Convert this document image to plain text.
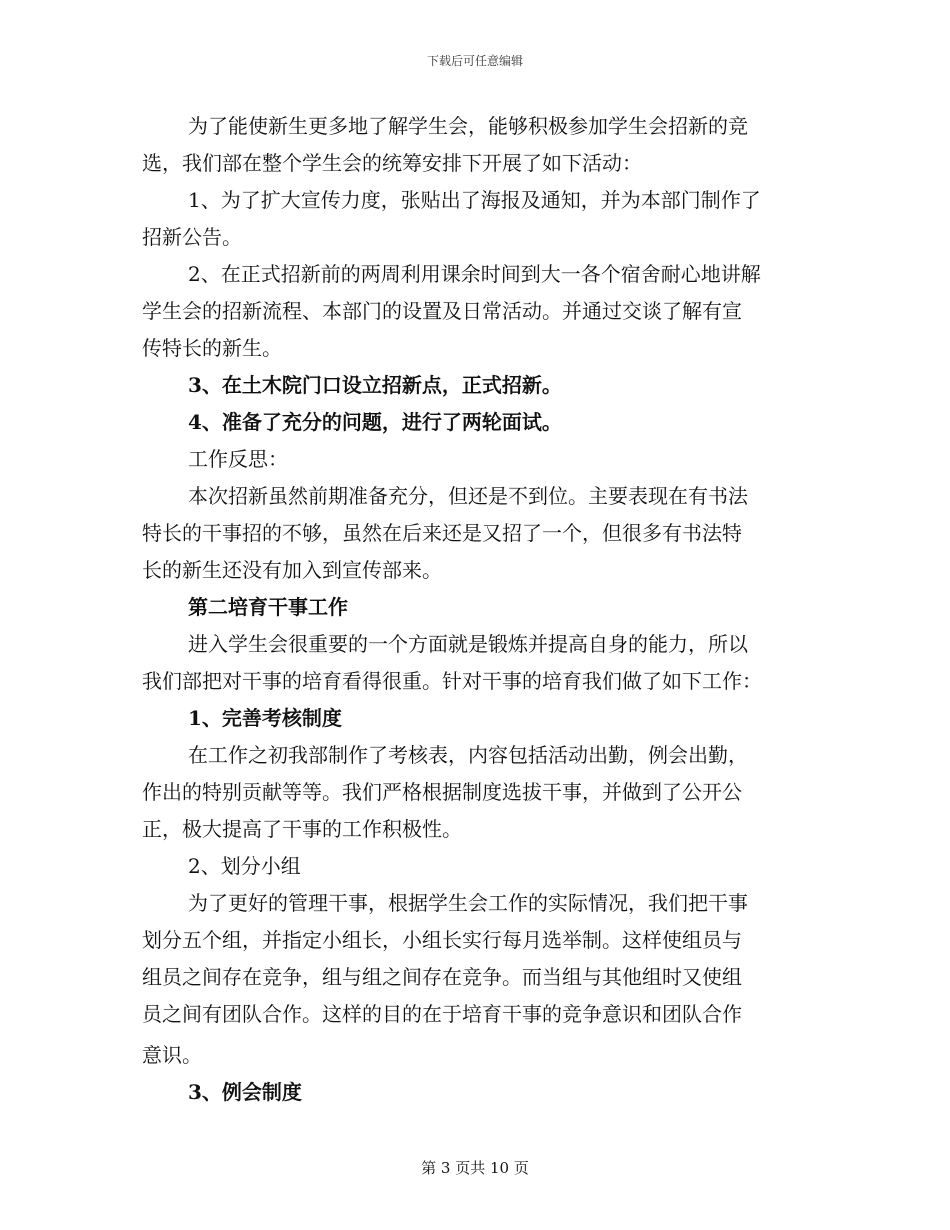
下载后可任意编辑
为了能使新生更多地了解学生会，能够积极参加学生会招新的竞
选，我们部在整个学生会的统筹安排下开展了如下活动：
1、为了扩大宣传力度，张贴出了海报及通知，并为本部门制作了
招新公告。
2、在正式招新前的两周利用课余时间到大一各个宿舍耐心地讲解
学生会的招新流程、本部门的设置及日常活动。并通过交谈了解有宣
传特长的新生。
3、在土木院门口设立招新点，正式招新。
4、准备了充分的问题，进行了两轮面试。
工作反思：
本次招新虽然前期准备充分，但还是不到位。主要表现在有书法
特长的干事招的不够，虽然在后来还是又招了一个，但很多有书法特
长的新生还没有加入到宣传部来。
第二培育干事工作
进入学生会很重要的一个方面就是锻炼并提高自身的能力，所以
我们部把对干事的培育看得很重。针对干事的培育我们做了如下工作：
1、完善考核制度
在工作之初我部制作了考核表，内容包括活动出勤，例会出勤，
作出的特别贡献等等。我们严格根据制度选拔干事，并做到了公开公
正，极大提高了干事的工作积极性。
2、划分小组
为了更好的管理干事，根据学生会工作的实际情况，我们把干事
划分五个组，并指定小组长，小组长实行每月选举制。这样使组员与
组员之间存在竞争，组与组之间存在竞争。而当组与其他组时又使组
员之间有团队合作。这样的目的在于培育干事的竞争意识和团队合作
意识。
3、例会制度
第 3 页共 10 页
